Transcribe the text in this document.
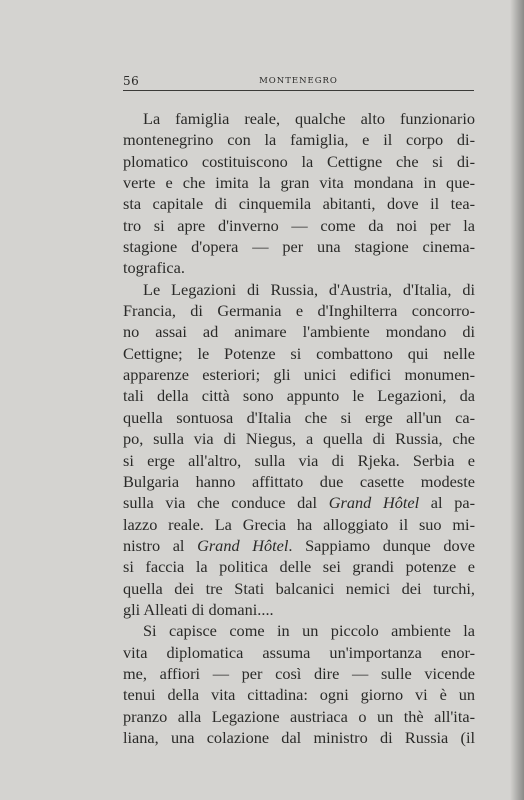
56	MONTENEGRO
La famiglia reale, qualche alto funzionario
montenegrino con la famiglia, e il corpo di-
plomatico costituiscono la Cettigne che si di-
verte e che imita la gran vita mondana in que-
sta capitale di cinquemila abitanti, dove il tea-
tro si apre d'inverno — come da noi per la
stagione d'opera — per una stagione cinema-
tografica.
Le Legazioni di Russia, d'Austria, d'Italia, di
Francia, di Germania e d'Inghilterra concorro-
no assai ad animare l'ambiente mondano di
Cettigne; le Potenze si combattono qui nelle
apparenze esteriori; gli unici edifici monumen-
tali della città sono appunto le Legazioni, da
quella sontuosa d'Italia che si erge all'un ca-
po, sulla via di Niegus, a quella di Russia, che
si erge all'altro, sulla via di Rjeka. Serbia e
Bulgaria hanno affittato due casette modeste
sulla via che conduce dal Grand Hôtel al pa-
lazzo reale. La Grecia ha alloggiato il suo mi-
nistro al Grand Hôtel. Sappiamo dunque dove
si faccia la politica delle sei grandi potenze e
quella dei tre Stati balcanici nemici dei turchi,
gli Alleati di domani....
Si capisce come in un piccolo ambiente la
vita diplomatica assuma un'importanza enor-
me, affiori — per così dire — sulle vicende
tenui della vita cittadina: ogni giorno vi è un
pranzo alla Legazione austriaca o un thè all'ita-
liana, una colazione dal ministro di Russia (il
